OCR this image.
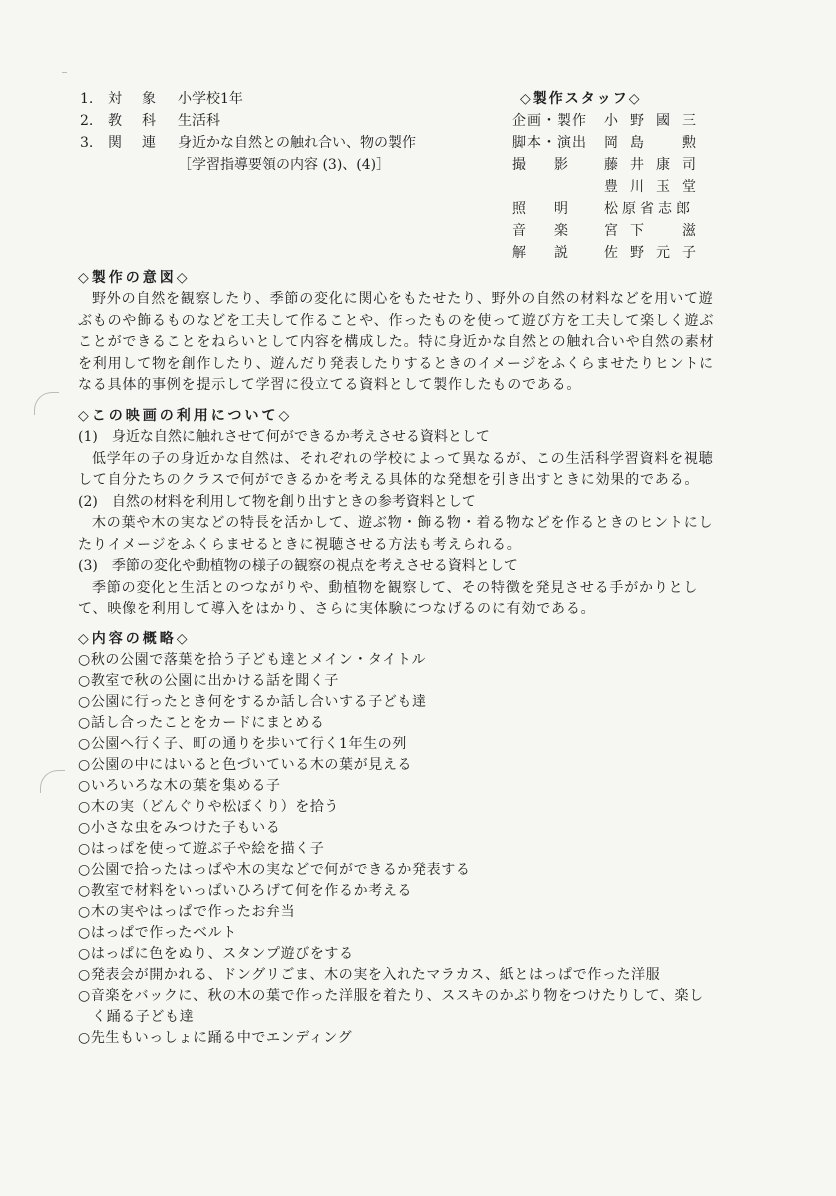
1. 対象 小学校1年
2. 教科 生活科
3. 関連 身近かな自然との触れ合い、物の製作
［学習指導要領の内容 (3)、(4)］
◇製作スタッフ◇
企画・製作	小野國三
脚本・演出	岡島　勲
撮　　影	藤井康司
豊川玉堂
照　　明	松原省志郎
音　　楽	宮下　滋
解　　説	佐野元子
◇製作の意図◇

野外の自然を観察したり、季節の変化に関心をもたせたり、野外の自然の材料などを用いて遊ぶものや飾るものなどを工夫して作ることや、作ったものを使って遊び方を工夫して楽しく遊ぶことができることをねらいとして内容を構成した。特に身近かな自然との触れ合いや自然の素材を利用して物を創作したり、遊んだり発表したりするときのイメージをふくらませたりヒントになる具体的事例を提示して学習に役立てる資料として製作したものである。

◇この映画の利用について◇
(1)　身近な自然に触れさせて何ができるか考えさせる資料として

低学年の子の身近かな自然は、それぞれの学校によって異なるが、この生活科学習資料を視聴して自分たちのクラスで何ができるかを考える具体的な発想を引き出すときに効果的である。

(2)　自然の材料を利用して物を創り出すときの参考資料として

木の葉や木の実などの特長を活かして、遊ぶ物・飾る物・着る物などを作るときのヒントにしたりイメージをふくらませるときに視聴させる方法も考えられる。

(3)　季節の変化や動植物の様子の観察の視点を考えさせる資料として

季節の変化と生活とのつながりや、動植物を観察して、その特徴を発見させる手がかりとして、映像を利用して導入をはかり、さらに実体験につなげるのに有効である。

◇内容の概略◇
○秋の公園で落葉を拾う子ども達とメイン・タイトル
○教室で秋の公園に出かける話を聞く子
○公園に行ったとき何をするか話し合いする子ども達
○話し合ったことをカードにまとめる
○公園へ行く子、町の通りを歩いて行く1年生の列
○公園の中にはいると色づいている木の葉が見える
○いろいろな木の葉を集める子
○木の実（どんぐりや松ぼくり）を拾う
○小さな虫をみつけた子もいる
○はっぱを使って遊ぶ子や絵を描く子
○公園で拾ったはっぱや木の実などで何ができるか発表する
○教室で材料をいっぱいひろげて何を作るか考える
○木の実やはっぱで作ったお弁当
○はっぱで作ったベルト
○はっぱに色をぬり、スタンプ遊びをする
○発表会が開かれる、ドングリごま、木の実を入れたマラカス、紙とはっぱで作った洋服
○音楽をバックに、秋の木の葉で作った洋服を着たり、ススキのかぶり物をつけたりして、楽しく踊る子ども達
○先生もいっしょに踊る中でエンディング
